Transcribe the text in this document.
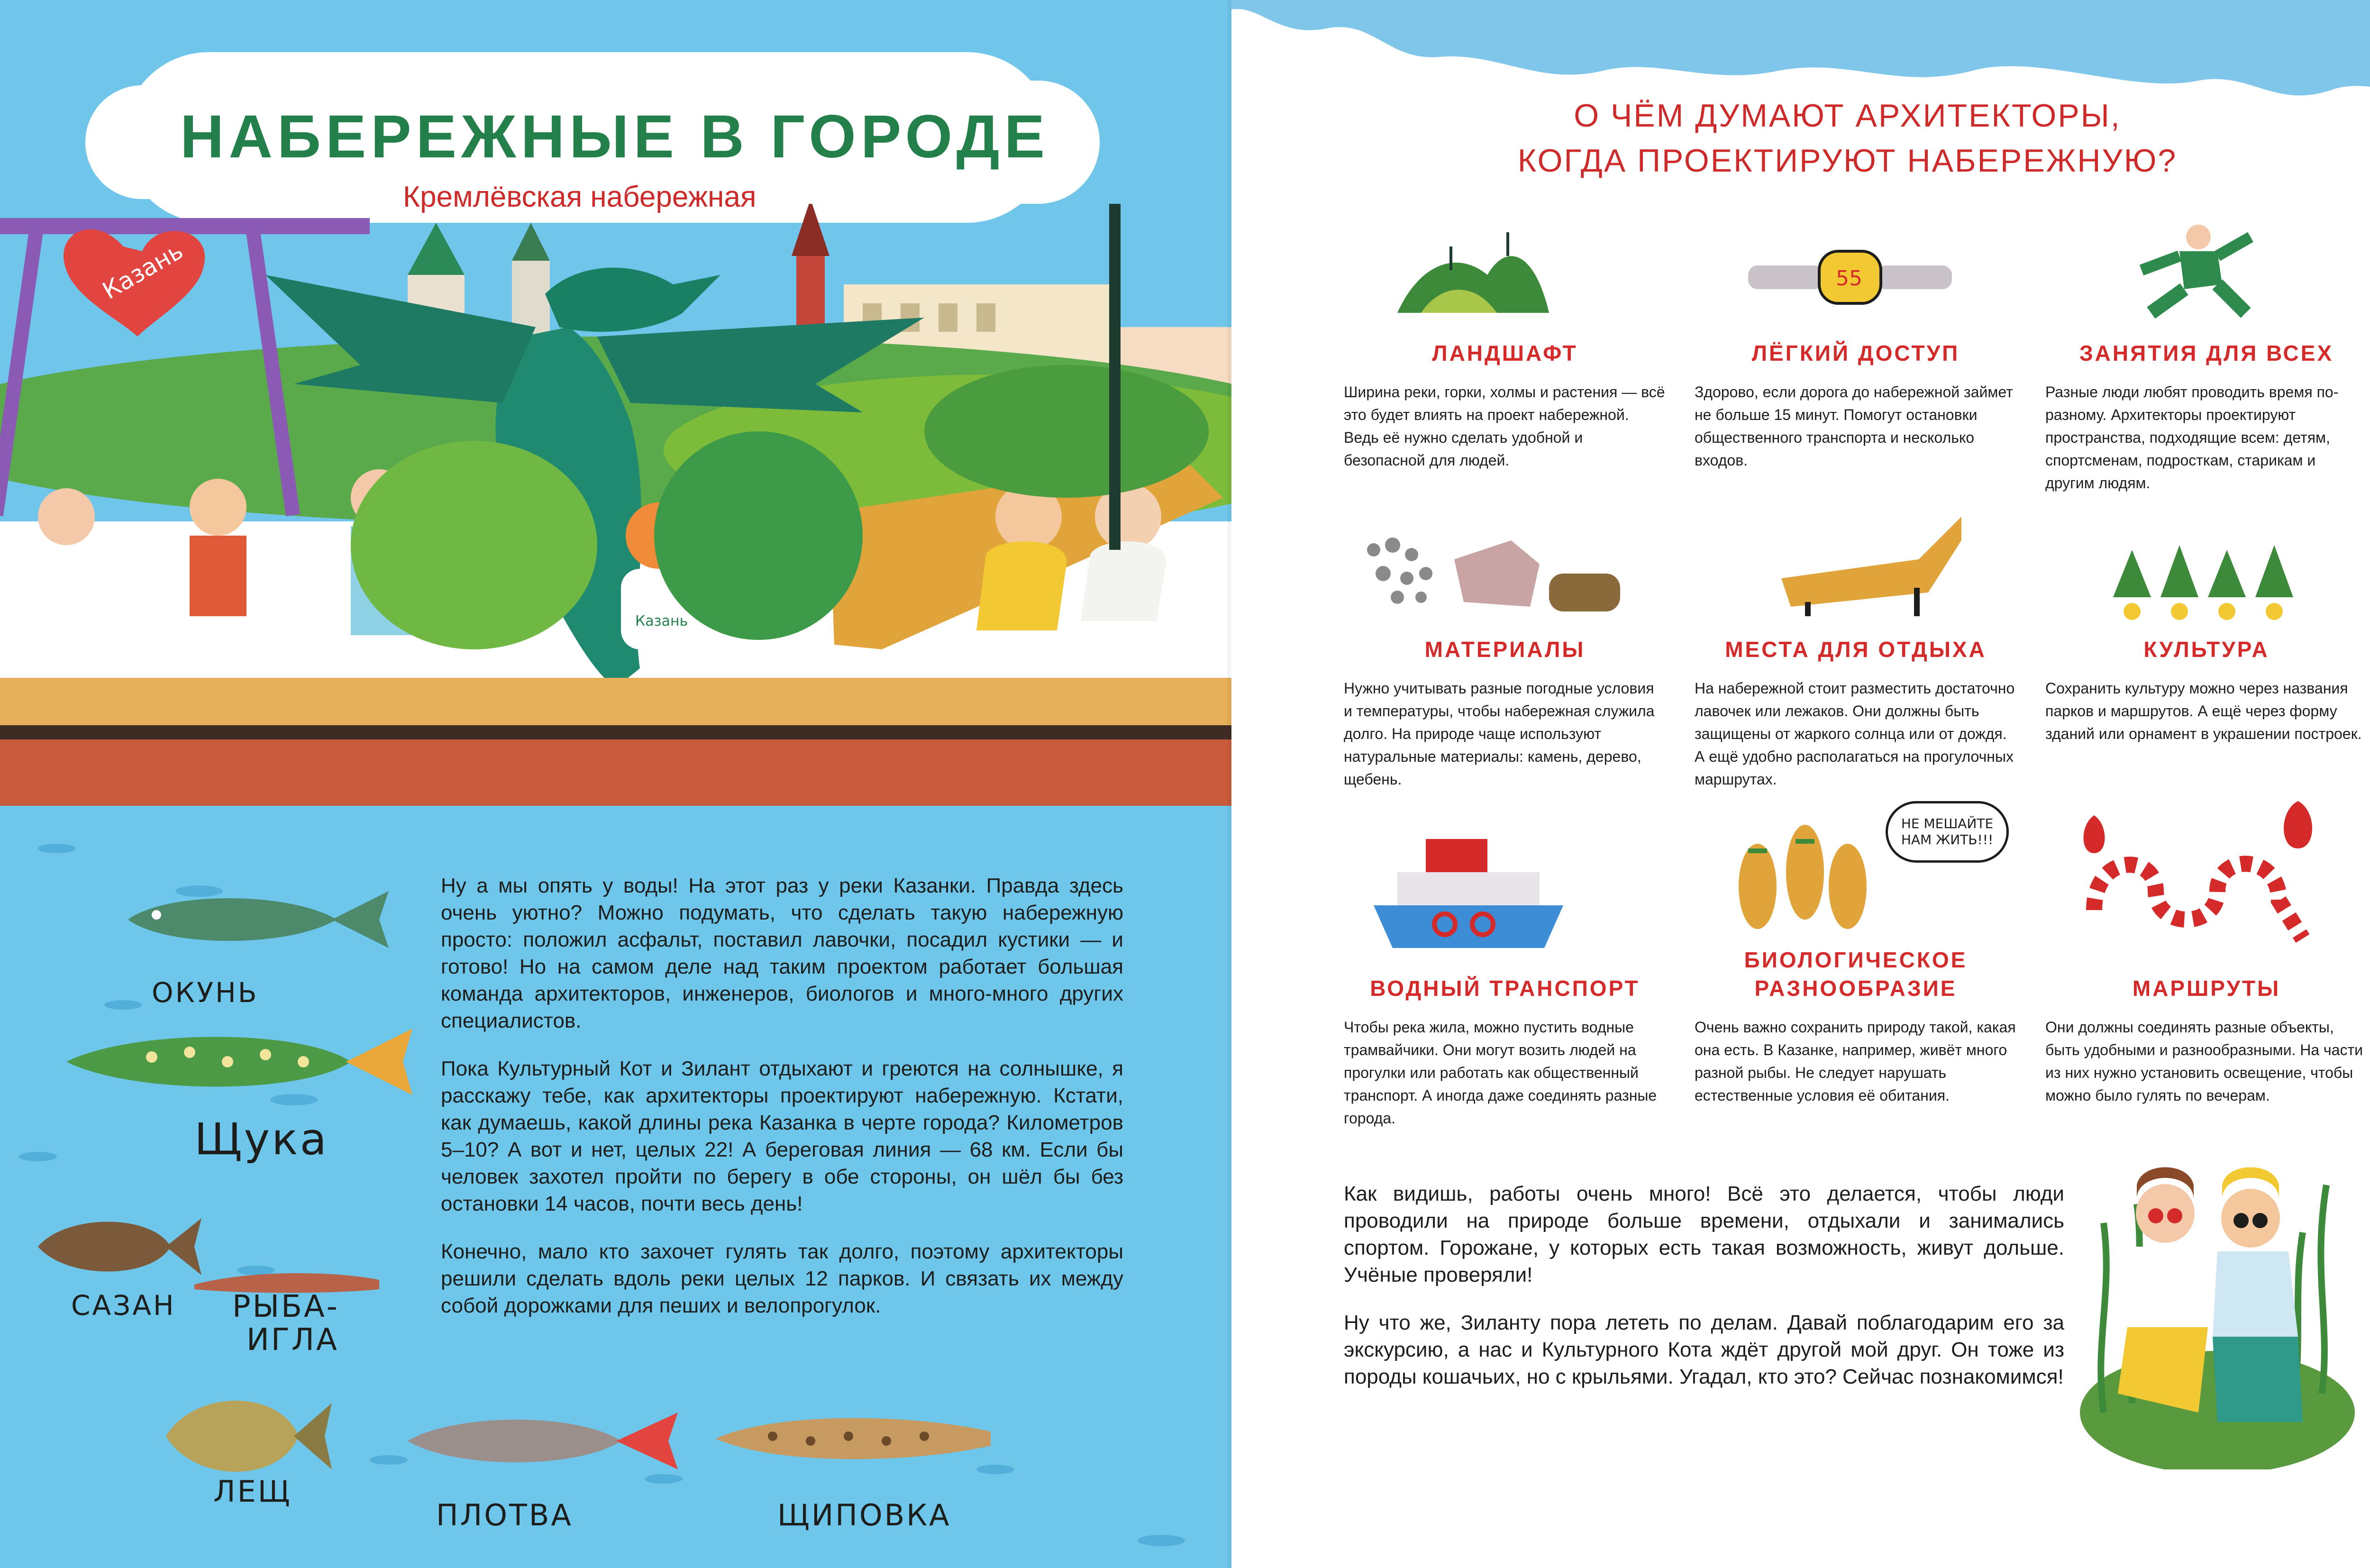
Казань
Казань
ОКУНЬ
Щука
САЗАН РЫБА-
ИГЛА
ЛЕЩ
ПЛОТВА	ЩИПОВКА
НАБЕРЕЖНЫЕ В ГОРОДЕ
Кремлёвская набережная

Ну а мы опять у воды! На этот раз у реки Казанки. Правда здесь очень уютно? Можно подумать, что сделать такую набережную просто: положил асфальт, поставил лавочки, посадил кустики — и готово! Но на самом деле над таким проектом работает большая команда архитекторов, инженеров, биологов и много-много других специалистов.

Пока Культурный Кот и Зилант отдыхают и греются на солнышке, я расскажу тебе, как архитекторы проектируют набережную. Кстати, как думаешь, какой длины река Казанка в черте города? Километров 5–10? А вот и нет, целых 22! А береговая линия — 68 км. Если бы человек захотел пройти по берегу в обе стороны, он шёл бы без остановки 14 часов, почти весь день!

Конечно, мало кто захочет гулять так долго, поэтому архитекторы решили сделать вдоль реки целых 12 парков. И связать их между собой дорожками для пеших и велопрогулок.

О ЧЁМ ДУМАЮТ АРХИТЕКТОРЫ,
КОГДА ПРОЕКТИРУЮТ НАБЕРЕЖНУЮ?
55
ЛАНДШАФТ
Ширина реки, горки, холмы и растения — всё это будет влиять на проект набережной. Ведь её нужно сделать удобной и безопасной для людей.
ЛЁГКИЙ ДОСТУП
Здорово, если дорога до набережной займет не больше 15 минут. Помогут остановки общественного транспорта и несколько входов.
ЗАНЯТИЯ ДЛЯ ВСЕХ
Разные люди любят проводить время по-разному. Архитекторы проектируют пространства, подходящие всем: детям, спортсменам, подросткам, старикам и другим людям.
МАТЕРИАЛЫ
Нужно учитывать разные погодные условия и температуры, чтобы набережная служила долго. На природе чаще используют натуральные материалы: камень, дерево, щебень.
МЕСТА ДЛЯ ОТДЫХА
На набережной стоит разместить достаточно лавочек или лежаков. Они должны быть защищены от жаркого солнца или от дождя. А ещё удобно располагаться на прогулочных маршрутах.
КУЛЬТУРА
Сохранить культуру можно через названия парков и маршрутов. А ещё через форму зданий или орнамент в украшении построек.
НЕ МЕШАЙТЕ НАМ ЖИТЬ!!!
ВОДНЫЙ ТРАНСПОРТ
Чтобы река жила, можно пустить водные трамвайчики. Они могут возить людей на прогулки или работать как общественный транспорт. А иногда даже соединять разные города.
БИОЛОГИЧЕСКОЕ
РАЗНООБРАЗИЕ
Очень важно сохранить природу такой, какая она есть. В Казанке, например, живёт много разной рыбы. Не следует нарушать естественные условия её обитания.
МАРШРУТЫ
Они должны соединять разные объекты, быть удобными и разнообразными. На части из них нужно установить освещение, чтобы можно было гулять по вечерам.

Как видишь, работы очень много! Всё это делается, чтобы люди проводили на природе больше времени, отдыхали и занимались спортом. Горожане, у которых есть такая возможность, живут дольше. Учёные проверяли!

Ну что же, Зиланту пора лететь по делам. Давай поблагодарим его за экскурсию, а нас и Культурного Кота ждёт другой мой друг. Он тоже из породы кошачьих, но с крыльями. Угадал, кто это? Сейчас познакомимся!
